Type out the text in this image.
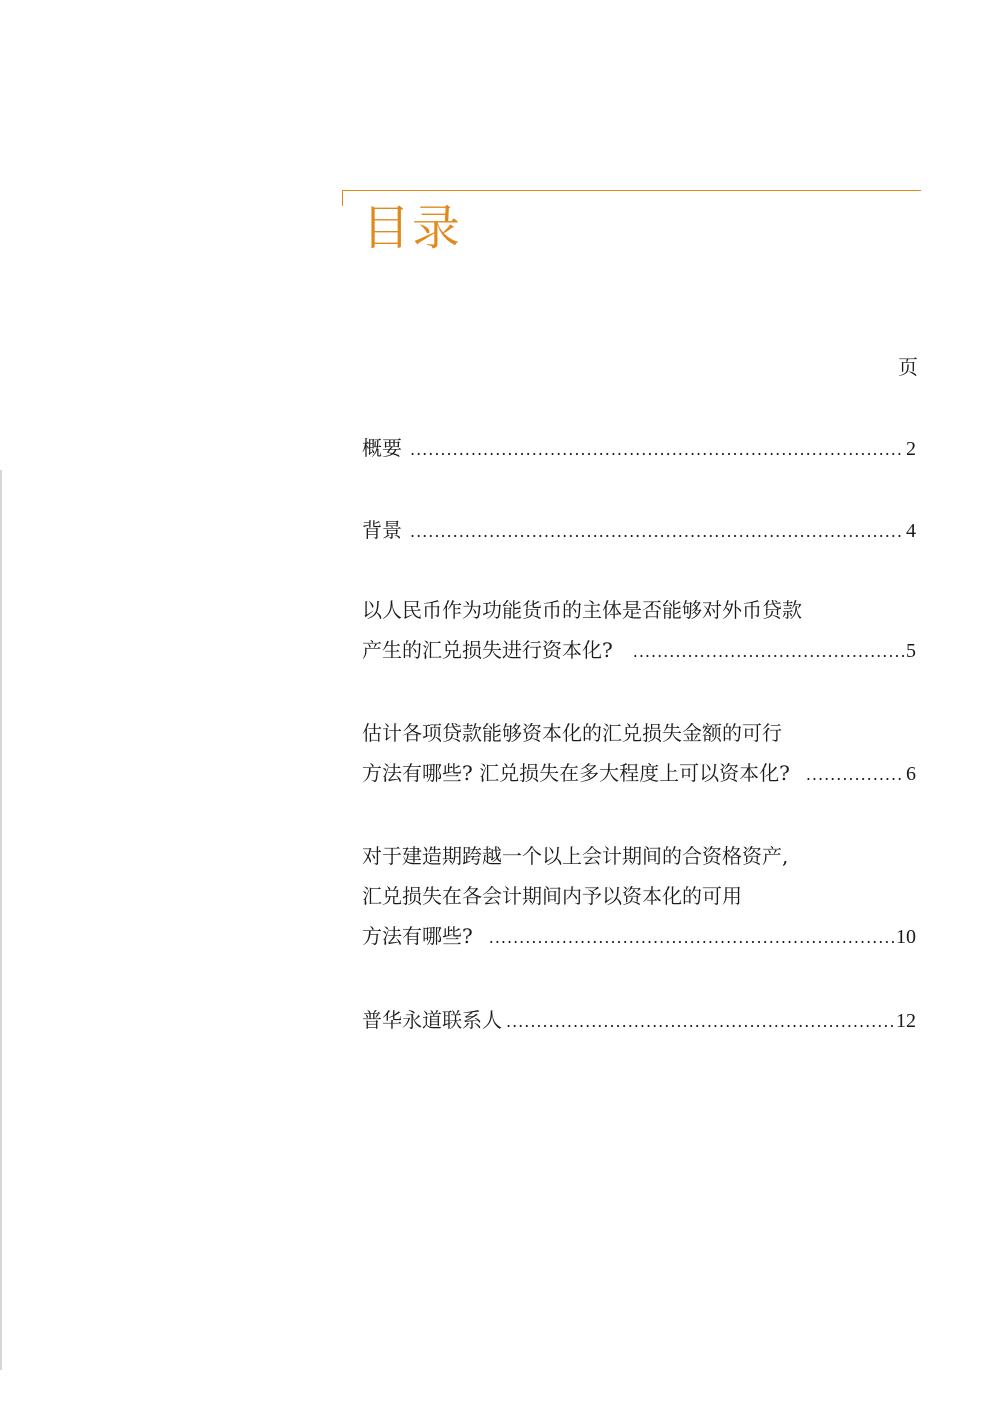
目录
页
概要 .....	2
背景 .....	4
以人民币作为功能货币的主体是否能够对外币贷款
产生的汇兑损失进行资本化? .....	5
估计各项贷款能够资本化的汇兑损失金额的可行
方法有哪些? 汇兑损失在多大程度上可以资本化? .....	6
对于建造期跨越一个以上会计期间的合资格资产,
汇兑损失在各会计期间内予以资本化的可用
方法有哪些? .....	10
普华永道联系人 .....	12
